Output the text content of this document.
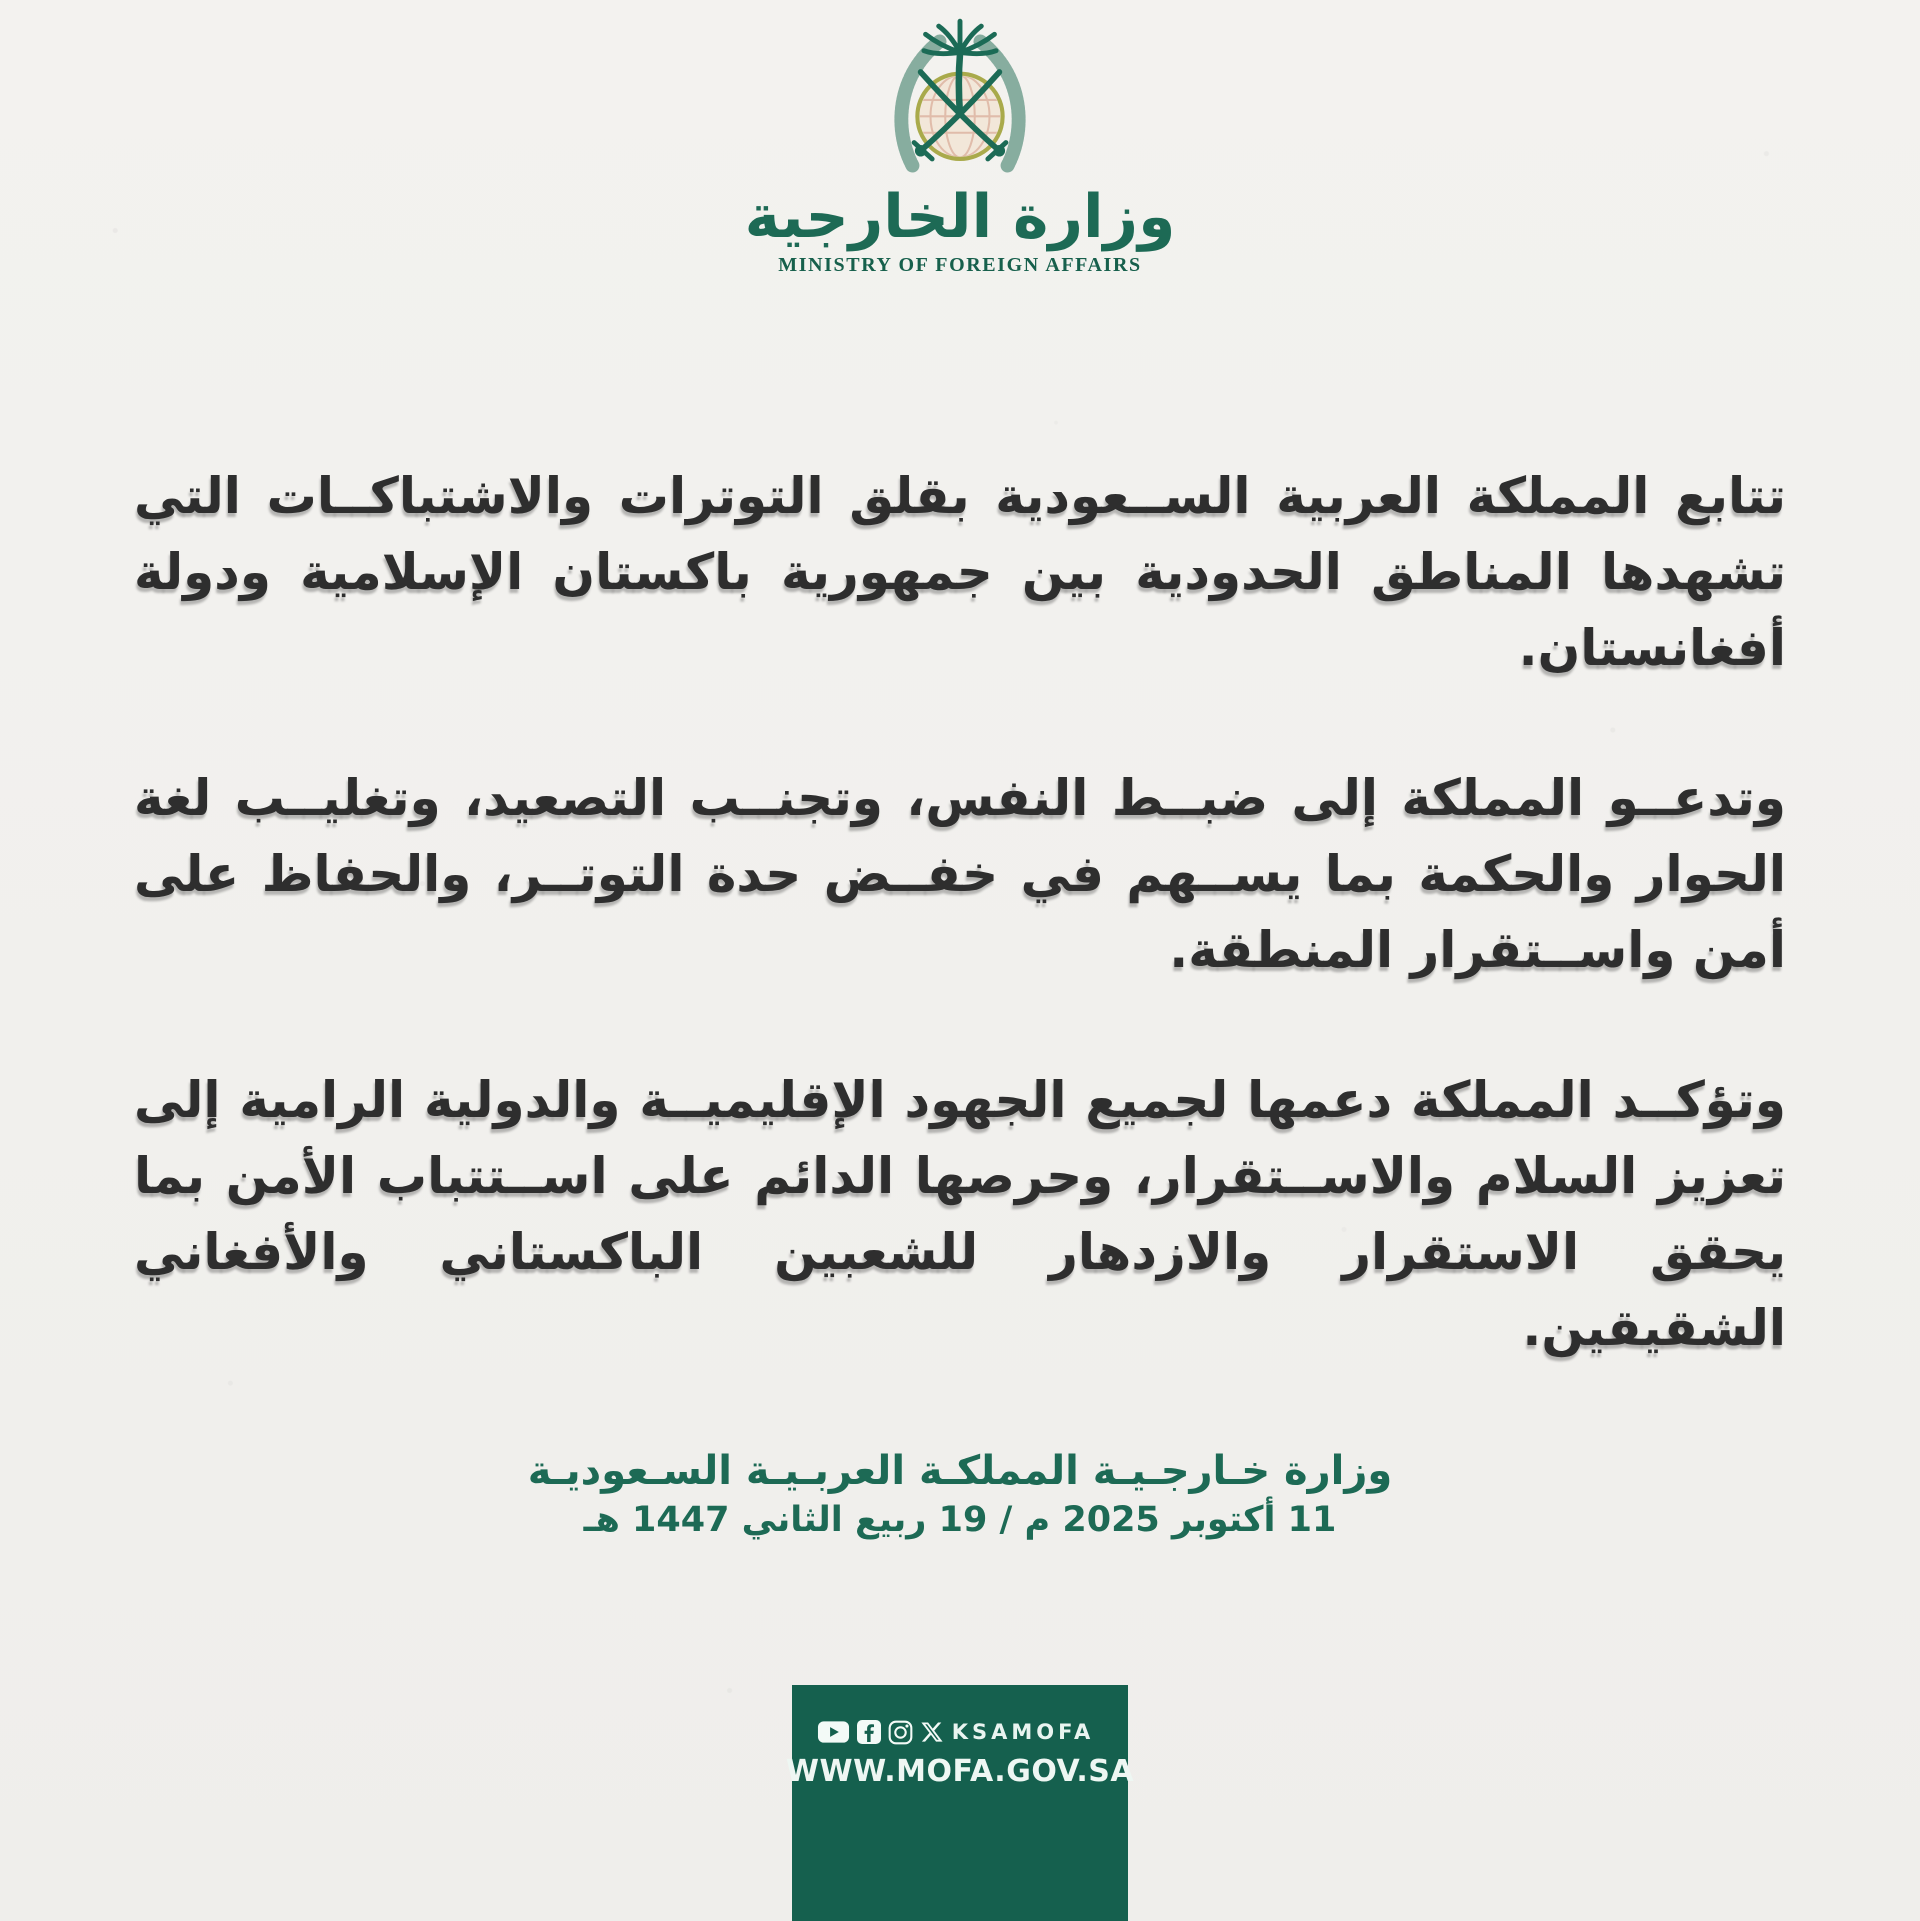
وزارة الخارجية
MINISTRY OF FOREIGN AFFAIRS

تتابع المملكة العربية الســعودية بقلق التوترات والاشتباكــات التي تشهدها المناطق الحدودية بين جمهورية باكستان الإسلامية ودولة أفغانستان.

وتدعــو المملكة إلى ضبــط النفس، وتجنــب التصعيد، وتغليــب لغة الحوار والحكمة بما يســهم في خفــض حدة التوتــر، والحفاظ على أمن واســتقرار المنطقة.

وتؤكــد المملكة دعمها لجميع الجهود الإقليميــة والدولية الرامية إلى تعزيز السلام والاســتقرار، وحرصها الدائم على اســتتباب الأمن بما يحقق الاستقرار والازدهار للشعبين الباكستاني والأفغاني الشقيقين.

وزارة خـارجـيـة المملكـة العربـيـة السـعوديـة
11 أكتوبر 2025 م / 19 ربيع الثاني 1447 هـ
KSAMOFA
WWW.MOFA.GOV.SA
